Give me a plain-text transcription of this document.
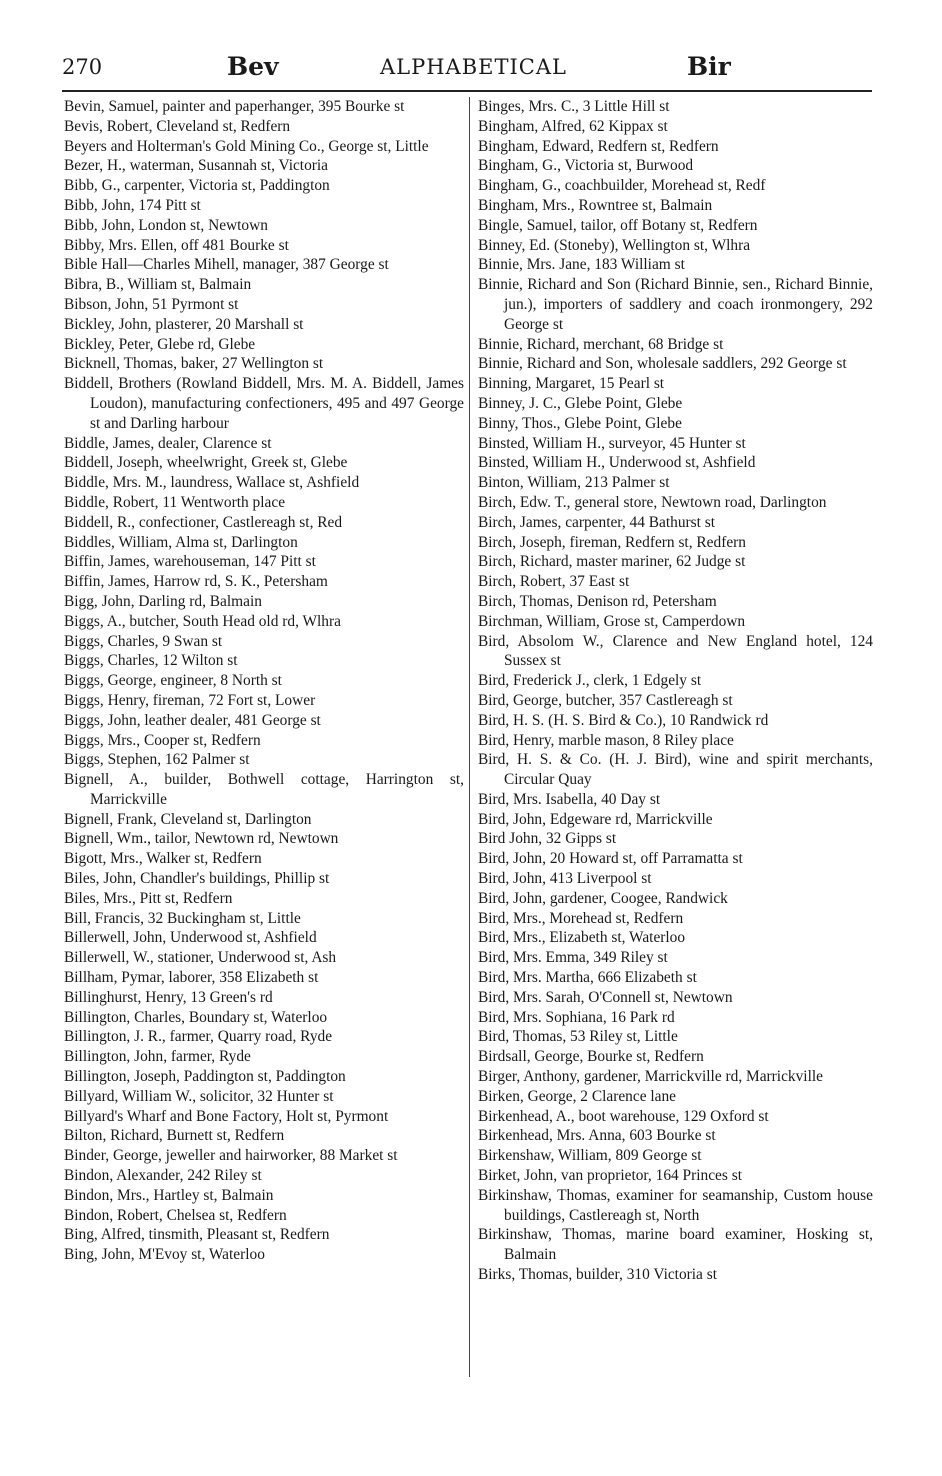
270	Bev	ALPHABETICAL	Bir
Bevin, Samuel, painter and paperhanger, 395 Bourke st
Bevis, Robert, Cleveland st, Redfern
Beyers and Holterman's Gold Mining Co., George st, Little
Bezer, H., waterman, Susannah st, Victoria
Bibb, G., carpenter, Victoria st, Paddington
Bibb, John, 174 Pitt st
Bibb, John, London st, Newtown
Bibby, Mrs. Ellen, off 481 Bourke st
Bible Hall—Charles Mihell, manager, 387 George st
Bibra, B., William st, Balmain
Bibson, John, 51 Pyrmont st
Bickley, John, plasterer, 20 Marshall st
Bickley, Peter, Glebe rd, Glebe
Bicknell, Thomas, baker, 27 Wellington st
Biddell, Brothers (Rowland Biddell, Mrs. M. A. Biddell, James Loudon), manufacturing confectioners, 495 and 497 George st and Darling harbour
Biddle, James, dealer, Clarence st
Biddell, Joseph, wheelwright, Greek st, Glebe
Biddle, Mrs. M., laundress, Wallace st, Ashfield
Biddle, Robert, 11 Wentworth place
Biddell, R., confectioner, Castlereagh st, Red
Biddles, William, Alma st, Darlington
Biffin, James, warehouseman, 147 Pitt st
Biffin, James, Harrow rd, S. K., Petersham
Bigg, John, Darling rd, Balmain
Biggs, A., butcher, South Head old rd, Wlhra
Biggs, Charles, 9 Swan st
Biggs, Charles, 12 Wilton st
Biggs, George, engineer, 8 North st
Biggs, Henry, fireman, 72 Fort st, Lower
Biggs, John, leather dealer, 481 George st
Biggs, Mrs., Cooper st, Redfern
Biggs, Stephen, 162 Palmer st
Bignell, A., builder, Bothwell cottage, Harrington st, Marrickville
Bignell, Frank, Cleveland st, Darlington
Bignell, Wm., tailor, Newtown rd, Newtown
Bigott, Mrs., Walker st, Redfern
Biles, John, Chandler's buildings, Phillip st
Biles, Mrs., Pitt st, Redfern
Bill, Francis, 32 Buckingham st, Little
Billerwell, John, Underwood st, Ashfield
Billerwell, W., stationer, Underwood st, Ash
Billham, Pymar, laborer, 358 Elizabeth st
Billinghurst, Henry, 13 Green's rd
Billington, Charles, Boundary st, Waterloo
Billington, J. R., farmer, Quarry road, Ryde
Billington, John, farmer, Ryde
Billington, Joseph, Paddington st, Paddington
Billyard, William W., solicitor, 32 Hunter st
Billyard's Wharf and Bone Factory, Holt st, Pyrmont
Bilton, Richard, Burnett st, Redfern
Binder, George, jeweller and hairworker, 88 Market st
Bindon, Alexander, 242 Riley st
Bindon, Mrs., Hartley st, Balmain
Bindon, Robert, Chelsea st, Redfern
Bing, Alfred, tinsmith, Pleasant st, Redfern
Bing, John, M'Evoy st, Waterloo
Binges, Mrs. C., 3 Little Hill st
Bingham, Alfred, 62 Kippax st
Bingham, Edward, Redfern st, Redfern
Bingham, G., Victoria st, Burwood
Bingham, G., coachbuilder, Morehead st, Redf
Bingham, Mrs., Rowntree st, Balmain
Bingle, Samuel, tailor, off Botany st, Redfern
Binney, Ed. (Stoneby), Wellington st, Wlhra
Binnie, Mrs. Jane, 183 William st
Binnie, Richard and Son (Richard Binnie, sen., Richard Binnie, jun.), importers of saddlery and coach ironmongery, 292 George st
Binnie, Richard, merchant, 68 Bridge st
Binnie, Richard and Son, wholesale saddlers, 292 George st
Binning, Margaret, 15 Pearl st
Binney, J. C., Glebe Point, Glebe
Binny, Thos., Glebe Point, Glebe
Binsted, William H., surveyor, 45 Hunter st
Binsted, William H., Underwood st, Ashfield
Binton, William, 213 Palmer st
Birch, Edw. T., general store, Newtown road, Darlington
Birch, James, carpenter, 44 Bathurst st
Birch, Joseph, fireman, Redfern st, Redfern
Birch, Richard, master mariner, 62 Judge st
Birch, Robert, 37 East st
Birch, Thomas, Denison rd, Petersham
Birchman, William, Grose st, Camperdown
Bird, Absolom W., Clarence and New England hotel, 124 Sussex st
Bird, Frederick J., clerk, 1 Edgely st
Bird, George, butcher, 357 Castlereagh st
Bird, H. S. (H. S. Bird & Co.), 10 Randwick rd
Bird, Henry, marble mason, 8 Riley place
Bird, H. S. & Co. (H. J. Bird), wine and spirit merchants, Circular Quay
Bird, Mrs. Isabella, 40 Day st
Bird, John, Edgeware rd, Marrickville
Bird John, 32 Gipps st
Bird, John, 20 Howard st, off Parramatta st
Bird, John, 413 Liverpool st
Bird, John, gardener, Coogee, Randwick
Bird, Mrs., Morehead st, Redfern
Bird, Mrs., Elizabeth st, Waterloo
Bird, Mrs. Emma, 349 Riley st
Bird, Mrs. Martha, 666 Elizabeth st
Bird, Mrs. Sarah, O'Connell st, Newtown
Bird, Mrs. Sophiana, 16 Park rd
Bird, Thomas, 53 Riley st, Little
Birdsall, George, Bourke st, Redfern
Birger, Anthony, gardener, Marrickville rd, Marrickville
Birken, George, 2 Clarence lane
Birkenhead, A., boot warehouse, 129 Oxford st
Birkenhead, Mrs. Anna, 603 Bourke st
Birkenshaw, William, 809 George st
Birket, John, van proprietor, 164 Princes st
Birkinshaw, Thomas, examiner for seamanship, Custom house buildings, Castlereagh st, North
Birkinshaw, Thomas, marine board examiner, Hosking st, Balmain
Birks, Thomas, builder, 310 Victoria st
